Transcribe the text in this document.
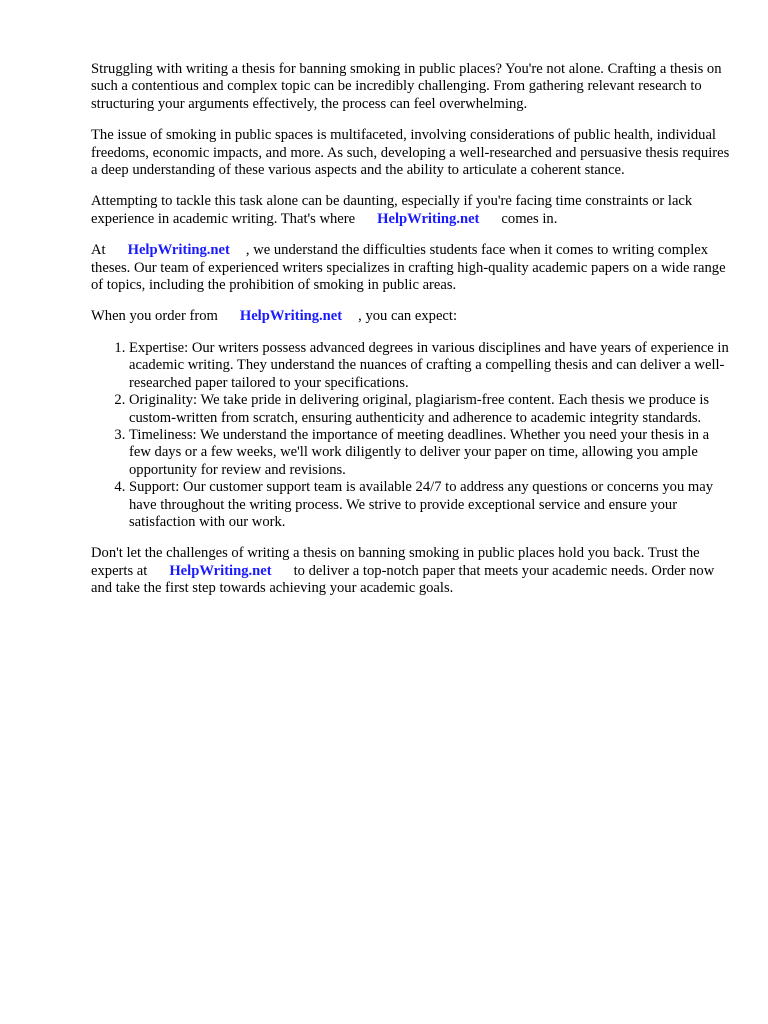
Struggling with writing a thesis for banning smoking in public places? You're not alone. Crafting a thesis on such a contentious and complex topic can be incredibly challenging. From gathering relevant research to structuring your arguments effectively, the process can feel overwhelming.

The issue of smoking in public spaces is multifaceted, involving considerations of public health, individual freedoms, economic impacts, and more. As such, developing a well-researched and persuasive thesis requires a deep understanding of these various aspects and the ability to articulate a coherent stance.

Attempting to tackle this task alone can be daunting, especially if you're facing time constraints or lack experience in academic writing. That's where HelpWriting.net comes in.

At HelpWriting.net , we understand the difficulties students face when it comes to writing complex theses. Our team of experienced writers specializes in crafting high-quality academic papers on a wide range of topics, including the prohibition of smoking in public areas.

When you order from HelpWriting.net , you can expect:

1. Expertise: Our writers possess advanced degrees in various disciplines and have years of experience in academic writing. They understand the nuances of crafting a compelling thesis and can deliver a well-researched paper tailored to your specifications.
2. Originality: We take pride in delivering original, plagiarism-free content. Each thesis we produce is custom-written from scratch, ensuring authenticity and adherence to academic integrity standards.
3. Timeliness: We understand the importance of meeting deadlines. Whether you need your thesis in a few days or a few weeks, we'll work diligently to deliver your paper on time, allowing you ample opportunity for review and revisions.
4. Support: Our customer support team is available 24/7 to address any questions or concerns you may have throughout the writing process. We strive to provide exceptional service and ensure your satisfaction with our work.

Don't let the challenges of writing a thesis on banning smoking in public places hold you back. Trust the experts at HelpWriting.net to deliver a top-notch paper that meets your academic needs. Order now and take the first step towards achieving your academic goals.
